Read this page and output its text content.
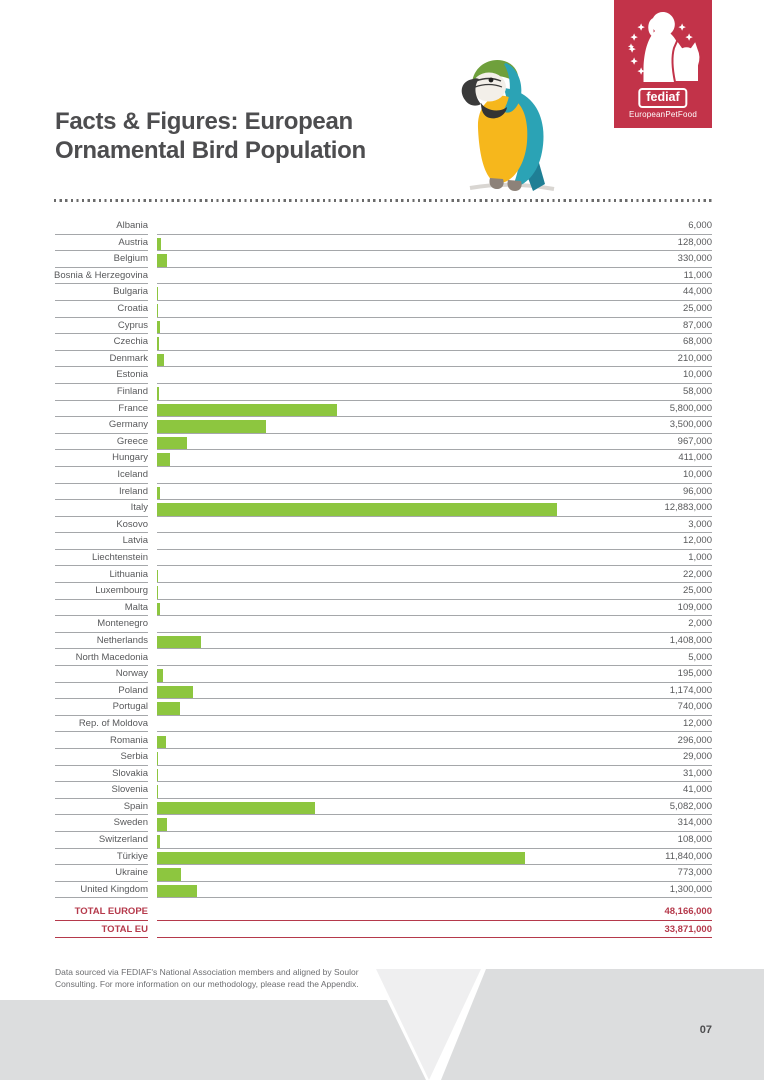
Facts & Figures: European
Ornamental Bird Population
fediaf
EuropeanPetFood
Albania	6,000
Austria	128,000
Belgium	330,000
Bosnia & Herzegovina	11,000
Bulgaria	44,000
Croatia	25,000
Cyprus	87,000
Czechia	68,000
Denmark	210,000
Estonia	10,000
Finland	58,000
France	5,800,000
Germany	3,500,000
Greece	967,000
Hungary	411,000
Iceland	10,000
Ireland	96,000
Italy	12,883,000
Kosovo	3,000
Latvia	12,000
Liechtenstein	1,000
Lithuania	22,000
Luxembourg	25,000
Malta	109,000
Montenegro	2,000
Netherlands	1,408,000
North Macedonia	5,000
Norway	195,000
Poland	1,174,000
Portugal	740,000
Rep. of Moldova	12,000
Romania	296,000
Serbia	29,000
Slovakia	31,000
Slovenia	41,000
Spain	5,082,000
Sweden	314,000
Switzerland	108,000
Türkiye	11,840,000
Ukraine	773,000
United Kingdom	1,300,000
TOTAL EUROPE	48,166,000
TOTAL EU	33,871,000
Data sourced via FEDIAF's National Association members and aligned by Soulor
Consulting. For more information on our methodology, please read the Appendix.
07
